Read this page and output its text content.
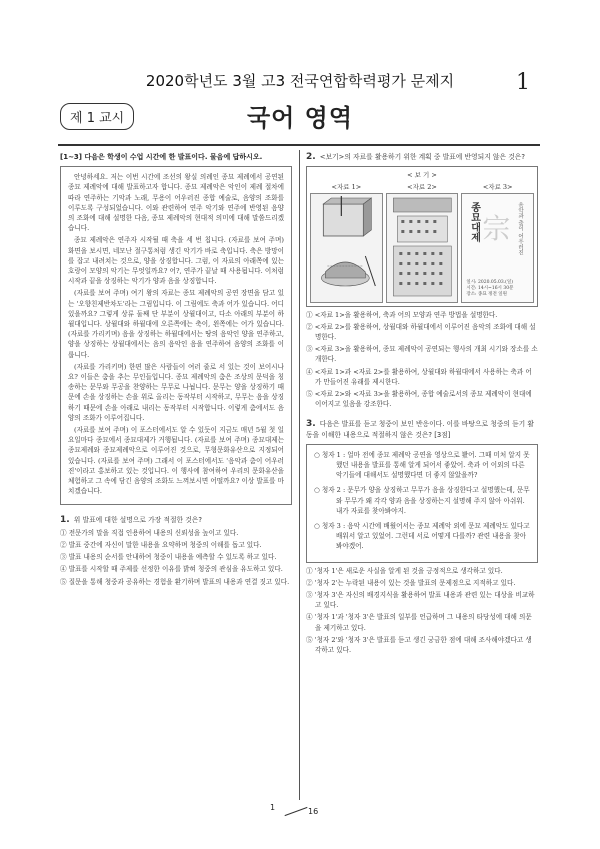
2020학년도 3월 고3 전국연합학력평가 문제지	1
제 1 교시	국어 영역
[1~3] 다음은 학생이 수업 시간에 한 발표이다. 물음에 답하시오.

안녕하세요. 저는 이번 시간에 조선의 왕실 의례인 종묘 제례에서 공연된 종묘 제례악에 대해 발표하고자 합니다. 종묘 제례악은 악인이 제례 절차에 따라 연주하는 기악과 노래, 무용이 어우러진 종합 예술로, 음양의 조화를 이루도록 구성되었습니다. 이와 관련하여 연주 악기와 연주에 반영된 음양의 조화에 대해 설명한 다음, 종묘 제례악의 현대적 의미에 대해 말씀드리겠습니다.

종묘 제례악은 연주자 시작될 때 축을 세 번 칩니다. (자료를 보여 주며) 화면을 보시면, 네모난 절구통처럼 생긴 악기가 바로 축입니다. 축은 방망이를 잡고 내려치는 것으로, 양을 상징합니다. 그럼, 이 자료의 아래쪽에 있는 호랑이 모양의 악기는 무엇일까요? 어?, 연주가 끝날 때 사용됩니다. 이처럼 시작과 끝을 상징하는 악기가 양과 음을 상징합니다.

(자료를 보여 주며) 여기 왕의 자료는 종묘 제례악의 공연 장면을 담고 있는 '오향친제반차도'라는 그림입니다. 이 그림에도 축과 어가 있습니다. 어디 있을까요? 그렇게 상류 둘째 단 부분이 상월대이고, 다소 아래의 부분이 하월대입니다. 상월대와 하월대에 오른쪽에는 축이, 왼쪽에는 어가 있습니다. (자료를 가리키며) 음을 상징하는 하월대에서는 땅의 음악인 양을 연주하고, 양을 상징하는 상월대에서는 음의 음악인 음을 연주하여 음양의 조화를 이룹니다.

(자료를 가리키며) 한편 많은 사람들이 여러 줄로 서 있는 것이 보이시나요? 이들은 춤을 추는 무인들입니다. 종묘 제례악의 춤은 조상의 문덕을 칭송하는 문무와 무공을 찬양하는 무무로 나뉩니다. 문무는 양을 상징하기 때문에 손을 상징하는 손을 위로 올리는 동작부터 시작하고, 무무는 음을 상징하기 때문에 손을 아래로 내리는 동작부터 시작합니다. 이렇게 춤에서도 음양의 조화가 이루어집니다.

(자료를 보여 주며) 이 포스터에서도 알 수 있듯이 지금도 매년 5월 첫 일요일마다 종묘에서 종묘대제가 거행됩니다. (자료를 보여 주며) 종묘대제는 종묘제례와 종묘제례악으로 이루어진 것으로, 무형문화유산으로 지정되어 있습니다. (자료를 보여 주며) 그래서 이 포스터에서도 '음악과 춤이 어우러진'이라고 홍보하고 있는 것입니다. 이 행사에 참여하여 우리의 문화유산을 체험하고 그 속에 담긴 음양의 조화도 느껴보시면 어떨까요? 이상 발표를 마치겠습니다.

1. 위 발표에 대한 설명으로 가장 적절한 것은?
① 전문가의 말을 직접 인용하여 내용의 신뢰성을 높이고 있다.
② 발표 중간에 자신이 말한 내용을 요약하며 청중의 이해를 돕고 있다.
③ 발표 내용의 순서를 안내하여 청중이 내용을 예측할 수 있도록 하고 있다.
④ 발표를 시작할 때 주제를 선정한 이유를 밝혀 청중의 관심을 유도하고 있다.
⑤ 질문을 통해 청중과 공유하는 경험을 환기하며 발표의 내용과 연결 짓고 있다.
2. <보기>의 자료를 활용하기 위한 계획 중 발표에 반영되지 않은 것은?
< 보 기 >
<자료 1>	<자료 2>	<자료 3>
宗
종묘대제	음악과 춤이 어우러진
일시: 2020.05.03.(일)
시간: 14시~16시 30분
장소: 종묘 정전 일원
① <자료 1>을 활용하여, 축과 어의 모양과 연주 방법을 설명한다.
② <자료 2>를 활용하여, 상월대와 하월대에서 이루어진 음악의 조화에 대해 설명한다.
③ <자료 3>을 활용하여, 종묘 제례악이 공연되는 행사의 개최 시기와 장소를 소개한다.
④ <자료 1>과 <자료 2>를 활용하여, 상월대와 하월대에서 사용하는 축과 어가 만들어진 유래를 제시한다.
⑤ <자료 2>와 <자료 3>을 활용하여, 종합 예술로서의 종묘 제례악이 현대에 이어지고 있음을 강조한다.
3. 다음은 발표를 듣고 청중이 보인 반응이다. 이를 바탕으로 청중의 듣기 활동을 이해한 내용으로 적절하지 않은 것은? [3점]

○ 청자 1 : 얼마 전에 종묘 제례악 공연을 영상으로 봤어. 그때 미처 알지 못했던 내용을 발표를 통해 알게 되어서 좋았어. 축과 어 이외의 다른 악기들에 대해서도 설명했다면 더 좋지 않았을까?

○ 청자 2 : 문무가 양을 상징하고 무무가 음을 상징한다고 설명했는데, 문무와 무무가 왜 각각 양과 음을 상징하는지 설명해 주지 않아 아쉬워. 내가 자료를 찾아봐야지.

○ 청자 3 : 음악 시간에 배웠어서는 종묘 제례악 외에 문묘 제례악도 있다고 배워서 알고 있었어. 그런데 서로 어떻게 다를까? 관련 내용을 찾아봐야겠어.

① '청자 1'은 새로운 사실을 알게 된 것을 긍정적으로 생각하고 있다.
② '청자 2'는 누락된 내용이 있는 것을 발표의 문제점으로 지적하고 있다.
③ '청자 3'은 자신의 배경지식을 활용하여 발표 내용과 관련 있는 대상을 비교하고 있다.
④ '청자 1'과 '청자 3'은 발표의 일부를 언급하며 그 내용의 타당성에 대해 의문을 제기하고 있다.
⑤ '청자 2'와 '청자 3'은 발표를 듣고 생긴 궁금한 점에 대해 조사해야겠다고 생각하고 있다.
1	16
